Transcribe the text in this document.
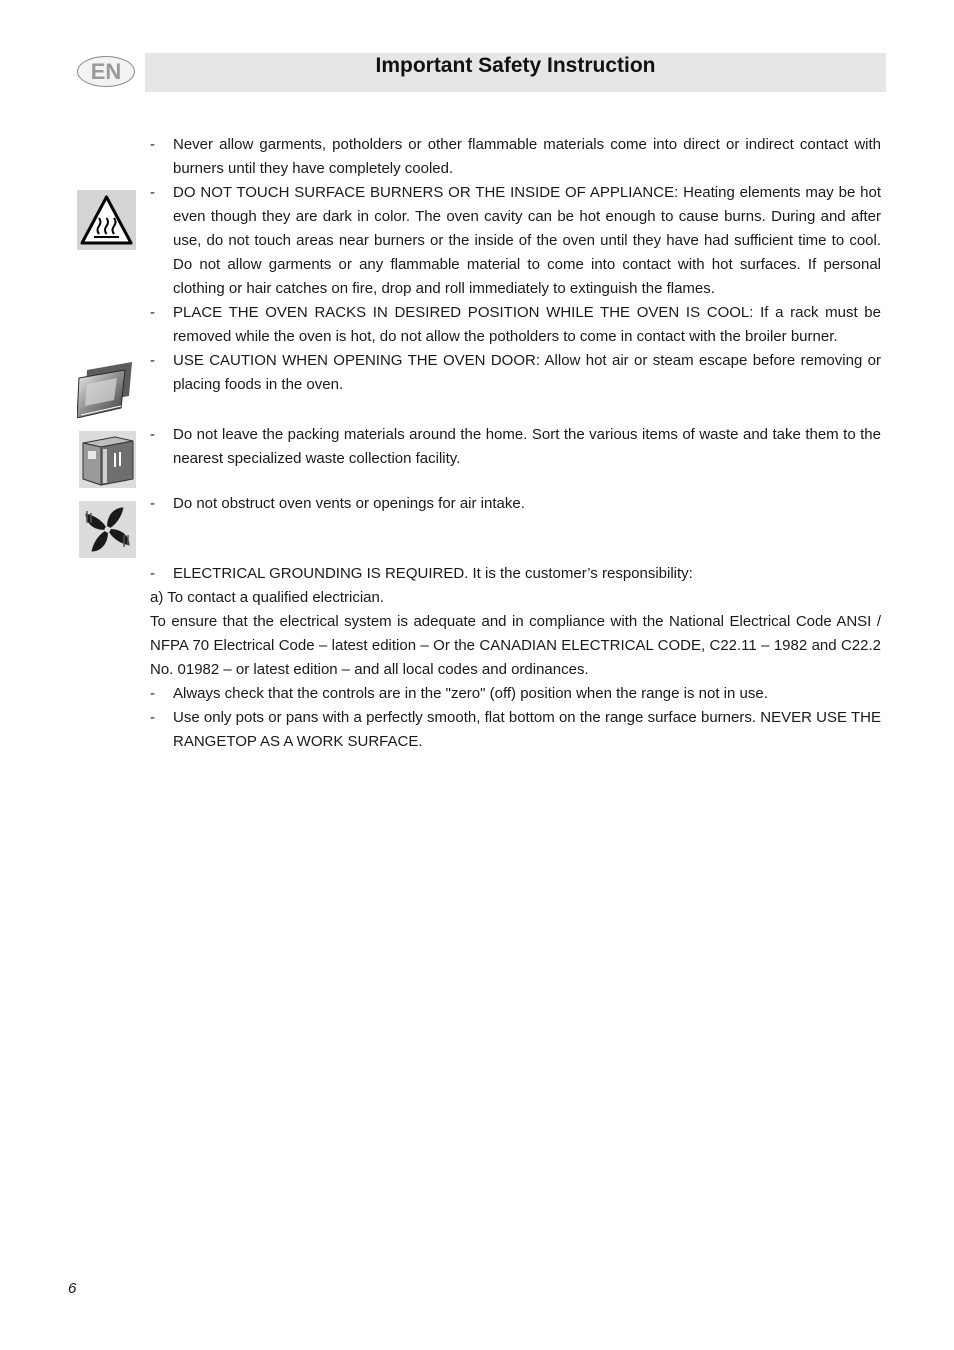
EN	Important Safety Instruction
- Never allow garments, potholders or other flammable materials come into direct or indirect contact with burners until they have completely cooled.
- DO NOT TOUCH SURFACE BURNERS OR THE INSIDE OF APPLIANCE: Heating elements may be hot even though they are dark in color. The oven cavity can be hot enough to cause burns. During and after use, do not touch areas near burners or the inside of the oven until they have had sufficient time to cool. Do not allow garments or any flammable material to come into contact with hot surfaces. If personal clothing or hair catches on fire, drop and roll immediately to extinguish the flames.
- PLACE THE OVEN RACKS IN DESIRED POSITION WHILE THE OVEN IS COOL: If a rack must be removed while the oven is hot, do not allow the potholders to come in contact with the broiler burner.
- USE CAUTION WHEN OPENING THE OVEN DOOR: Allow hot air or steam escape before removing or placing foods in the oven.
- Do not leave the packing materials around the home. Sort the various items of waste and take them to the nearest specialized waste collection facility.
- Do not obstruct oven vents or openings for air intake.
- ELECTRICAL GROUNDING IS REQUIRED. It is the customer’s responsibility:
a) To contact a qualified electrician.
To ensure that the electrical system is adequate and in compliance with the National Electrical Code ANSI / NFPA 70 Electrical Code – latest edition – Or the CANADIAN ELECTRICAL CODE, C22.11 – 1982 and C22.2 No. 01982 – or latest edition – and all local codes and ordinances.
- Always check that the controls are in the "zero" (off) position when the range is not in use.
- Use only pots or pans with a perfectly smooth, flat bottom on the range surface burners. NEVER USE THE RANGETOP AS A WORK SURFACE.
6
